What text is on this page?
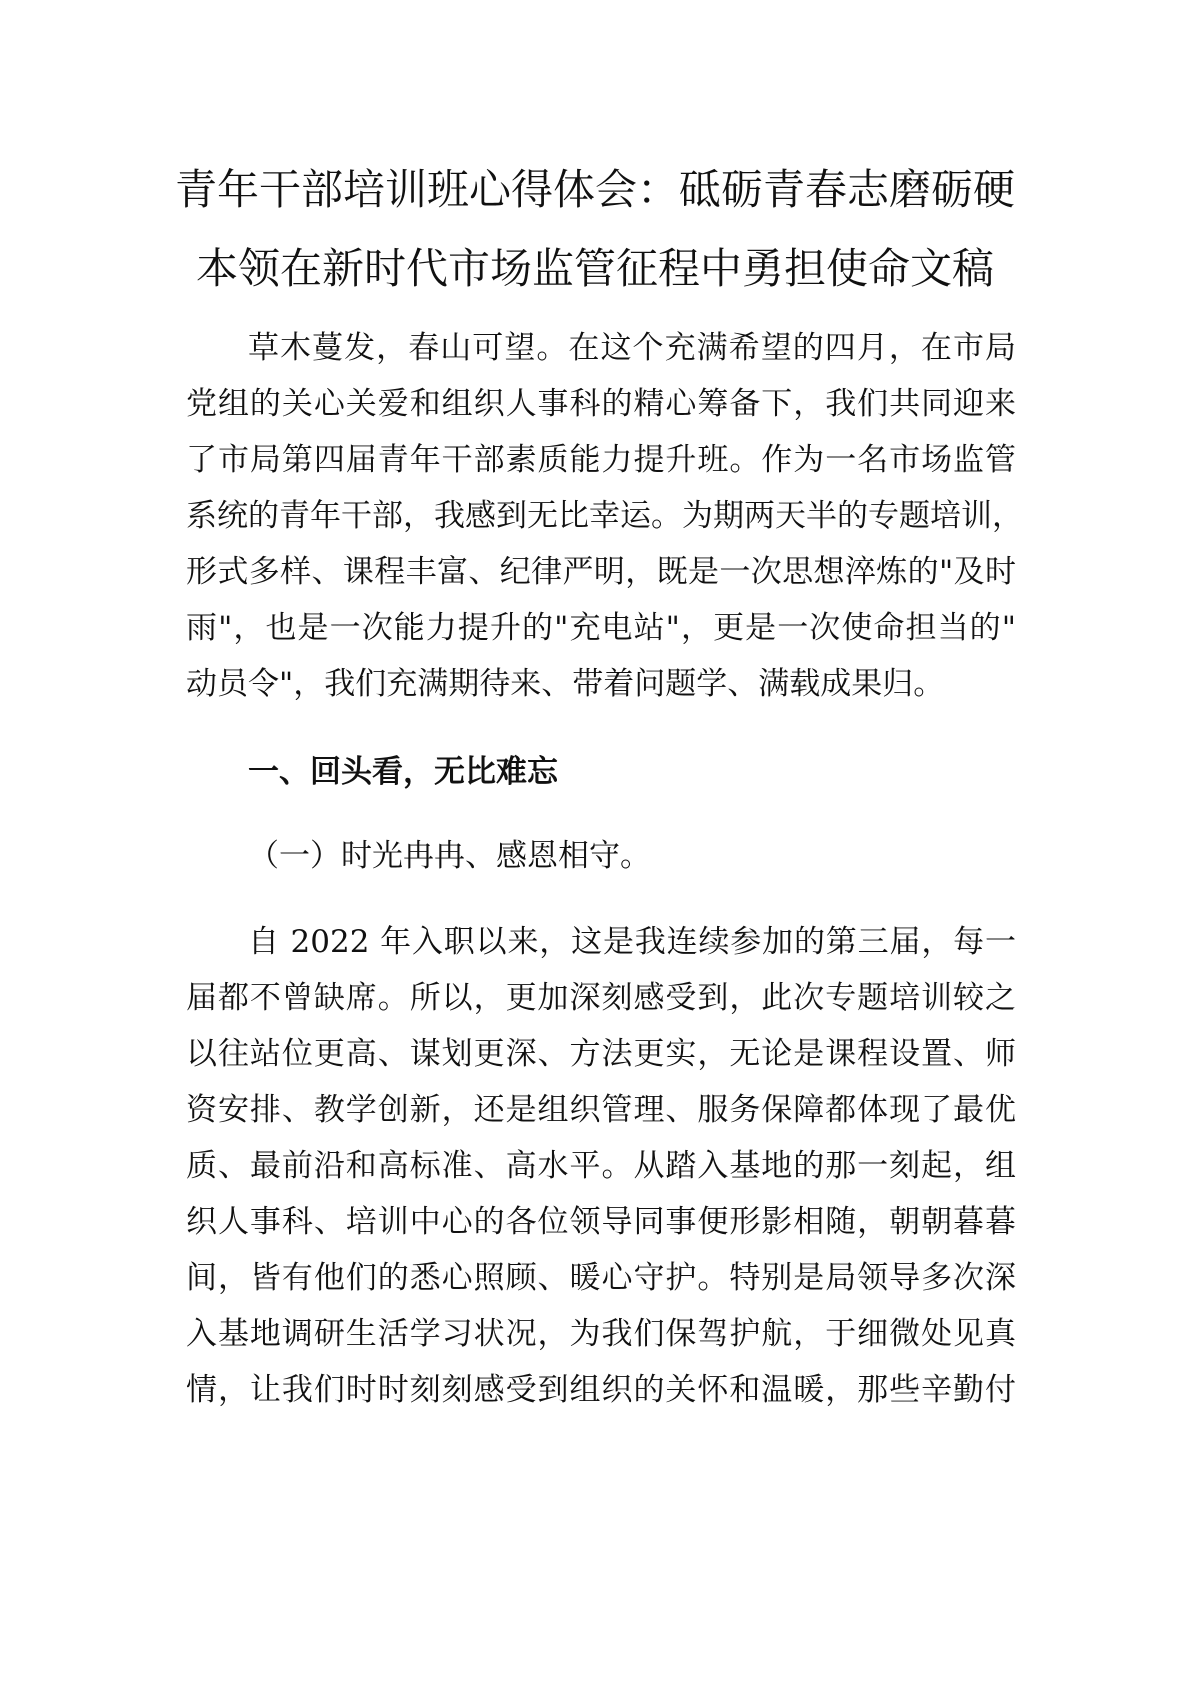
青年干部培训班心得体会：砥砺青春志磨砺硬
本领在新时代市场监管征程中勇担使命文稿

草木蔓发，春山可望。在这个充满希望的四月，在市局

党组的关心关爱和组织人事科的精心筹备下，我们共同迎来

了市局第四届青年干部素质能力提升班。作为一名市场监管

系统的青年干部，我感到无比幸运。为期两天半的专题培训，

形式多样、课程丰富、纪律严明，既是一次思想淬炼的"及时

雨"，也是一次能力提升的"充电站"，更是一次使命担当的"

动员令"，我们充满期待来、带着问题学、满载成果归。

一、回头看，无比难忘

（一）时光冉冉、感恩相守。

自 2022 年入职以来，这是我连续参加的第三届，每一

届都不曾缺席。所以，更加深刻感受到，此次专题培训较之

以往站位更高、谋划更深、方法更实，无论是课程设置、师

资安排、教学创新，还是组织管理、服务保障都体现了最优

质、最前沿和高标准、高水平。从踏入基地的那一刻起，组

织人事科、培训中心的各位领导同事便形影相随，朝朝暮暮

间，皆有他们的悉心照顾、暖心守护。特别是局领导多次深

入基地调研生活学习状况，为我们保驾护航，于细微处见真

情，让我们时时刻刻感受到组织的关怀和温暖，那些辛勤付
